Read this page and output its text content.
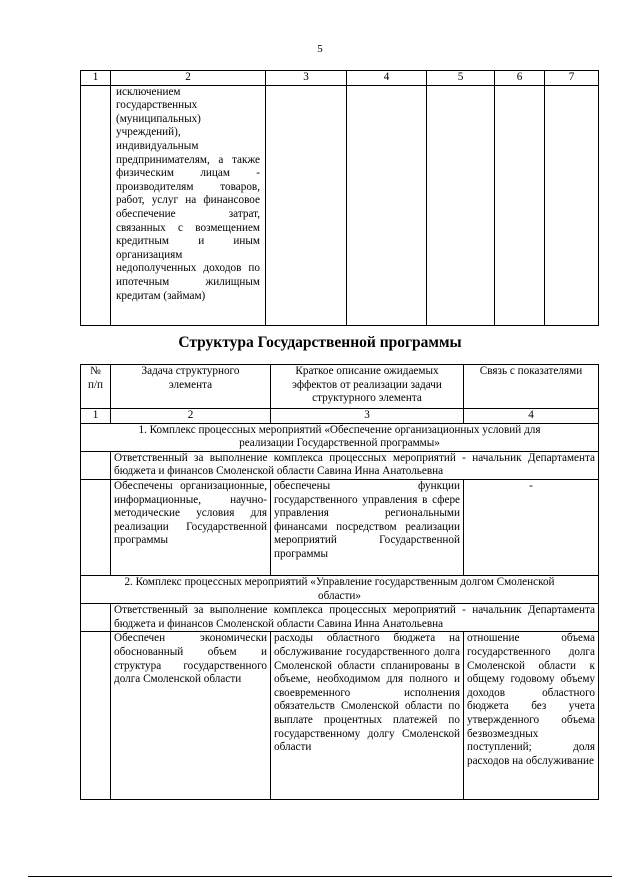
5
1	2	3	4	5	6	7
	исключением государственных (муниципальных) учреждений), индивидуальным предпринимателям, а также физическим лицам - производителям товаров, работ, услуг на финансовое обеспечение затрат, связанных с возмещением кредитным и иным организациям недополученных доходов по ипотечным жилищным кредитам (займам)					
Структура Государственной программы
№ п/п	Задача структурного элемента	Краткое описание ожидаемых эффектов от реализации задачи структурного элемента	Связь с показателями
1	2	3	4
1. Комплекс процессных мероприятий «Обеспечение организационных условий для реализации Государственной программы»			
	Ответственный за выполнение комплекса процессных мероприятий - начальник Департамента бюджета и финансов Смоленской области Савина Инна Анатольевна		
	Обеспечены организационные, информационные, научно-методические условия для реализации Государственной программы	обеспечены функции государственного управления в сфере управления региональными финансами посредством реализации мероприятий Государственной программы	-

2. Комплекс процессных мероприятий «Управление государственным долгом Смоленской области»			
	Ответственный за выполнение комплекса процессных мероприятий - начальник Департамента бюджета и финансов Смоленской области Савина Инна Анатольевна		
	Обеспечен экономически обоснованный объем и структура государственного долга Смоленской области	расходы областного бюджета на обслуживание государственного долга Смоленской области спланированы в объеме, необходимом для полного и своевременного исполнения обязательств Смоленской области по выплате процентных платежей по государственному долгу Смоленской области	отношение объема государственного долга Смоленской области к общему годовому объему доходов областного бюджета без учета утвержденного объема безвозмездных поступлений; доля расходов на обслуживание
